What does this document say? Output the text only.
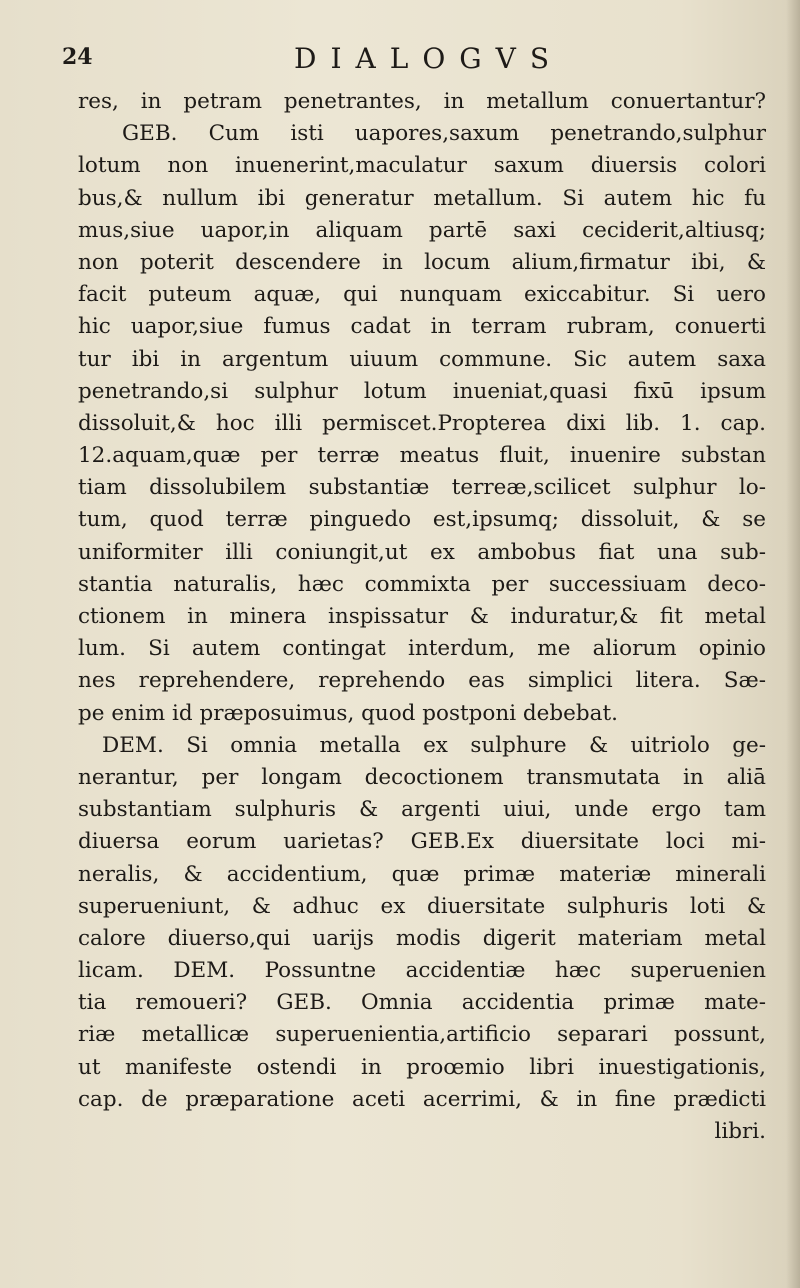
24	DIALOGVS
res, in petram penetrantes, in metallum conuertantur?
GEB. Cum isti uapores,saxum penetrando,sulphur
lotum non inuenerint,maculatur saxum diuersis colori
bus,& nullum ibi generatur metallum. Si autem hic fu
mus,siue uapor,in aliquam partē saxi ceciderit,altiusq;
non poterit descendere in locum alium,firmatur ibi, &
facit puteum aquæ, qui nunquam exiccabitur. Si uero
hic uapor,siue fumus cadat in terram rubram, conuerti
tur ibi in argentum uiuum commune. Sic autem saxa
penetrando,si sulphur lotum inueniat,quasi fixū ipsum
dissoluit,& hoc illi permiscet.Propterea dixi lib. 1. cap.
12.aquam,quæ per terræ meatus fluit, inuenire substan
tiam dissolubilem substantiæ terreæ,scilicet sulphur lo-
tum, quod terræ pinguedo est,ipsumq; dissoluit, & se
uniformiter illi coniungit,ut ex ambobus fiat una sub-
stantia naturalis, hæc commixta per successiuam deco-
ctionem in minera inspissatur & induratur,& fit metal
lum. Si autem contingat interdum, me aliorum opinio
nes reprehendere, reprehendo eas simplici litera. Sæ-
pe enim id præposuimus, quod postponi debebat.
DEM. Si omnia metalla ex sulphure & uitriolo ge-
nerantur, per longam decoctionem transmutata in aliā
substantiam sulphuris & argenti uiui, unde ergo tam
diuersa eorum uarietas? GEB.Ex diuersitate loci mi-
neralis, & accidentium, quæ primæ materiæ minerali
superueniunt, & adhuc ex diuersitate sulphuris loti &
calore diuerso,qui uarijs modis digerit materiam metal
licam. DEM. Possuntne accidentiæ hæc superuenien
tia remoueri? GEB. Omnia accidentia primæ mate-
riæ metallicæ superuenientia,artificio separari possunt,
ut manifeste ostendi in proœmio libri inuestigationis,
cap. de præparatione aceti acerrimi, & in fine prædicti
libri.
